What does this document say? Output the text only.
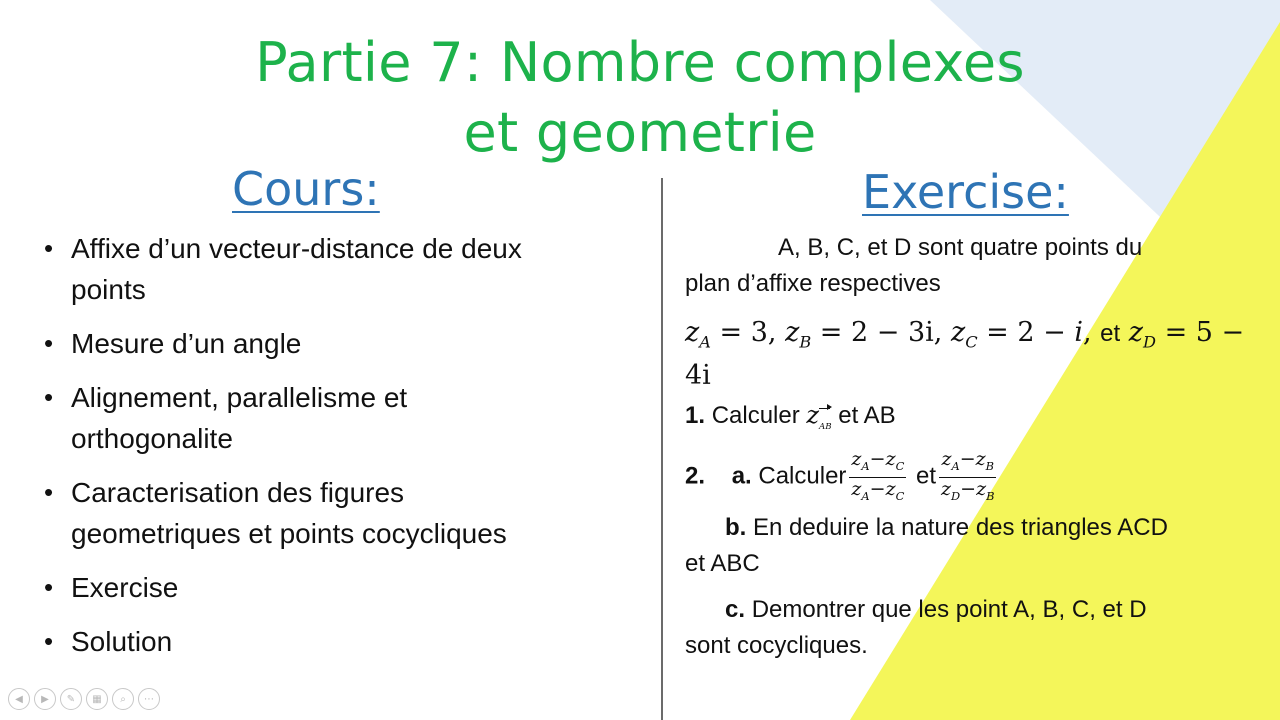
Partie 7: Nombre complexes
et geometrie
Cours:	Exercise:
• Affixe d’un vecteur-distance de deux
points
• Mesure d’un angle
• Alignement, parallelisme et
orthogonalite
• Caracterisation des figures
geometriques et points cocycliques
• Exercise
• Solution
A, B, C, et D sont quatre points du
plan d’affixe respectives
$z_A = 3$, $z_B = 2 - 3i$, $z_C = 2 - i$, et $z_D = 5$ −
4i
1. Calculer $z_{AB}$ et AB
2. a. Calculer $\frac{z_A-z_C}{z_A-z_C}$ et $\frac{z_A-z_B}{z_D-z_B}$
b. En deduire la nature des triangles ACD
et ABC
c. Demontrer que les point A, B, C, et D
sont cocycliques.
◀	▶	✎	▦	⌕	⋯
